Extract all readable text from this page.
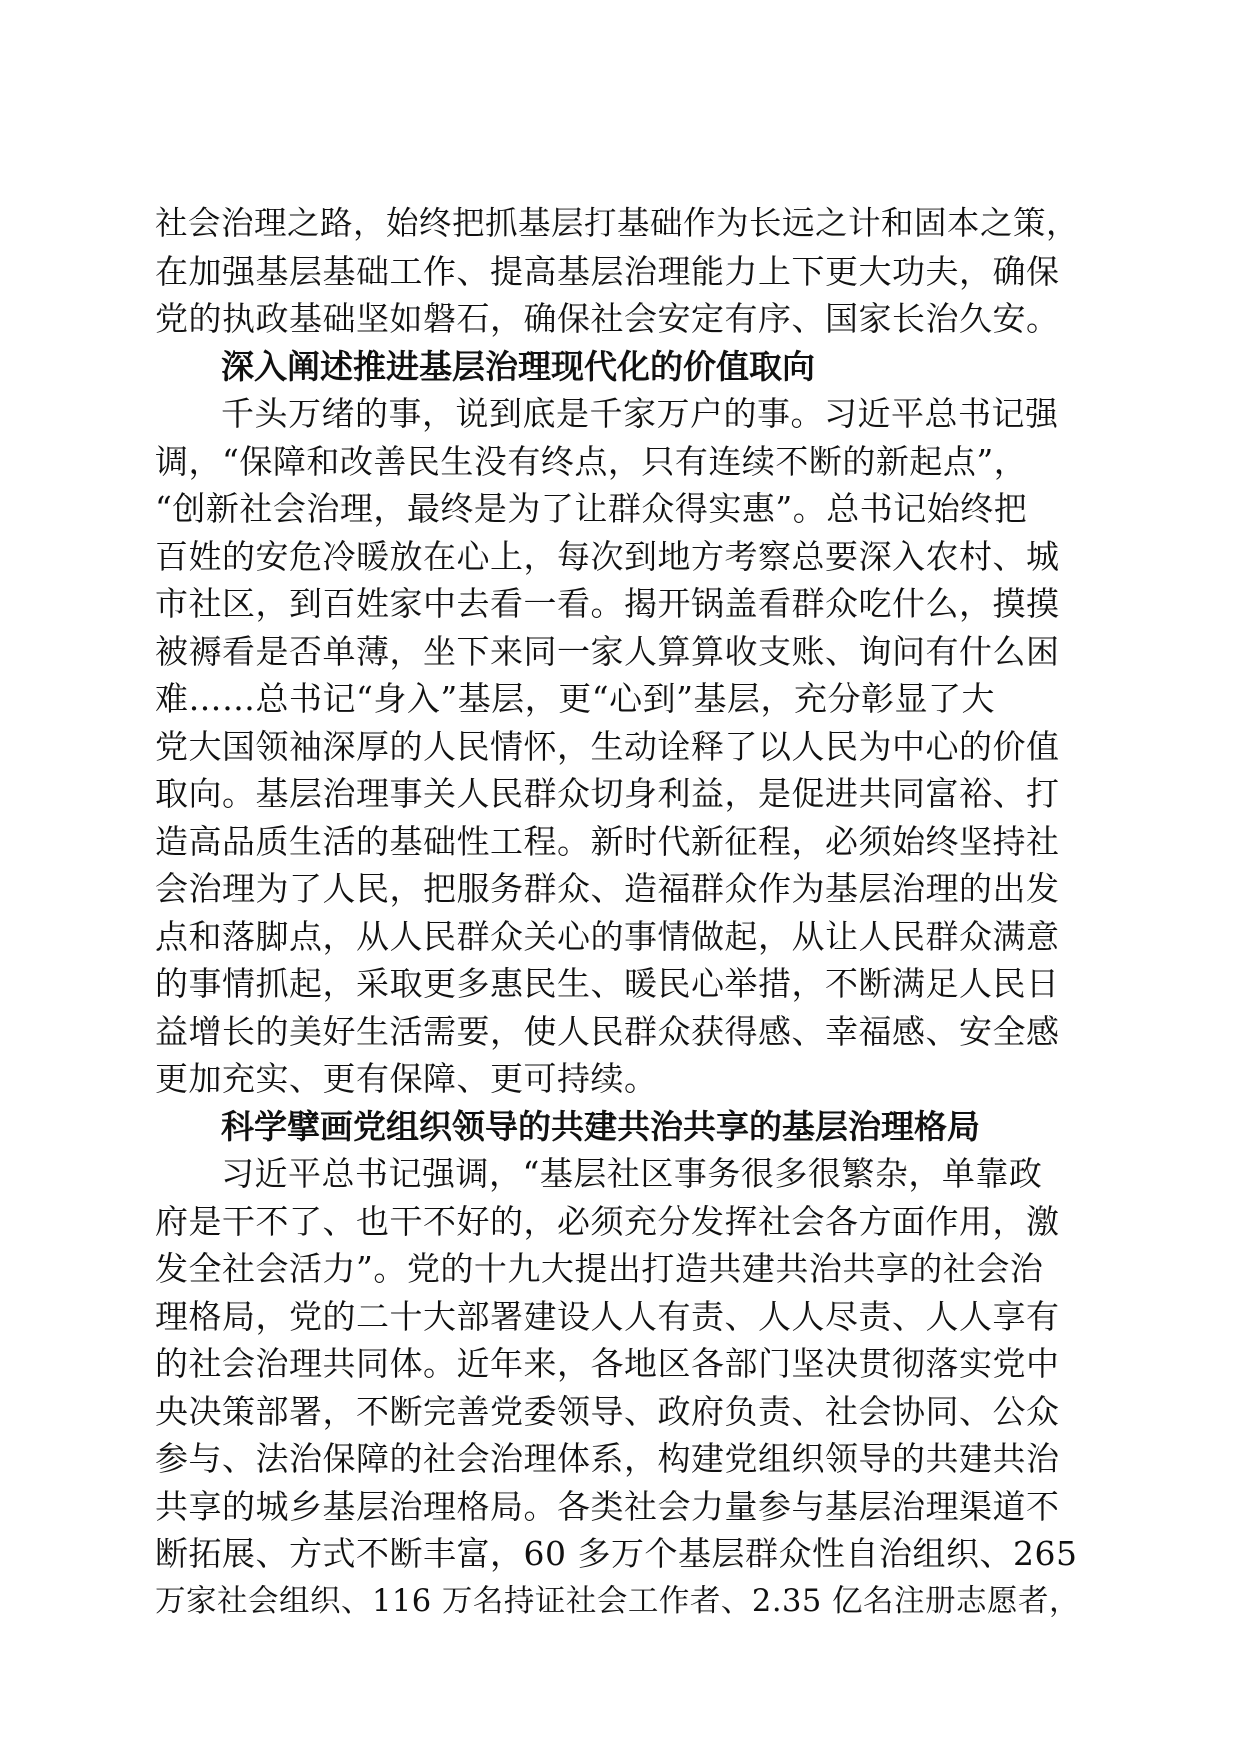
社会治理之路，始终把抓基层打基础作为长远之计和固本之策，
在加强基层基础工作、提高基层治理能力上下更大功夫，确保
党的执政基础坚如磐石，确保社会安定有序、国家长治久安。
深入阐述推进基层治理现代化的价值取向
千头万绪的事，说到底是千家万户的事。习近平总书记强
调，“保障和改善民生没有终点，只有连续不断的新起点”，
“创新社会治理，最终是为了让群众得实惠”。总书记始终把
百姓的安危冷暖放在心上，每次到地方考察总要深入农村、城
市社区，到百姓家中去看一看。揭开锅盖看群众吃什么，摸摸
被褥看是否单薄，坐下来同一家人算算收支账、询问有什么困
难……总书记“身入”基层，更“心到”基层，充分彰显了大
党大国领袖深厚的人民情怀，生动诠释了以人民为中心的价值
取向。基层治理事关人民群众切身利益，是促进共同富裕、打
造高品质生活的基础性工程。新时代新征程，必须始终坚持社
会治理为了人民，把服务群众、造福群众作为基层治理的出发
点和落脚点，从人民群众关心的事情做起，从让人民群众满意
的事情抓起，采取更多惠民生、暖民心举措，不断满足人民日
益增长的美好生活需要，使人民群众获得感、幸福感、安全感
更加充实、更有保障、更可持续。
科学擘画党组织领导的共建共治共享的基层治理格局
习近平总书记强调，“基层社区事务很多很繁杂，单靠政
府是干不了、也干不好的，必须充分发挥社会各方面作用，激
发全社会活力”。党的十九大提出打造共建共治共享的社会治
理格局，党的二十大部署建设人人有责、人人尽责、人人享有
的社会治理共同体。近年来，各地区各部门坚决贯彻落实党中
央决策部署，不断完善党委领导、政府负责、社会协同、公众
参与、法治保障的社会治理体系，构建党组织领导的共建共治
共享的城乡基层治理格局。各类社会力量参与基层治理渠道不
断拓展、方式不断丰富，60 多万个基层群众性自治组织、265
万家社会组织、116 万名持证社会工作者、2.35 亿名注册志愿者，
